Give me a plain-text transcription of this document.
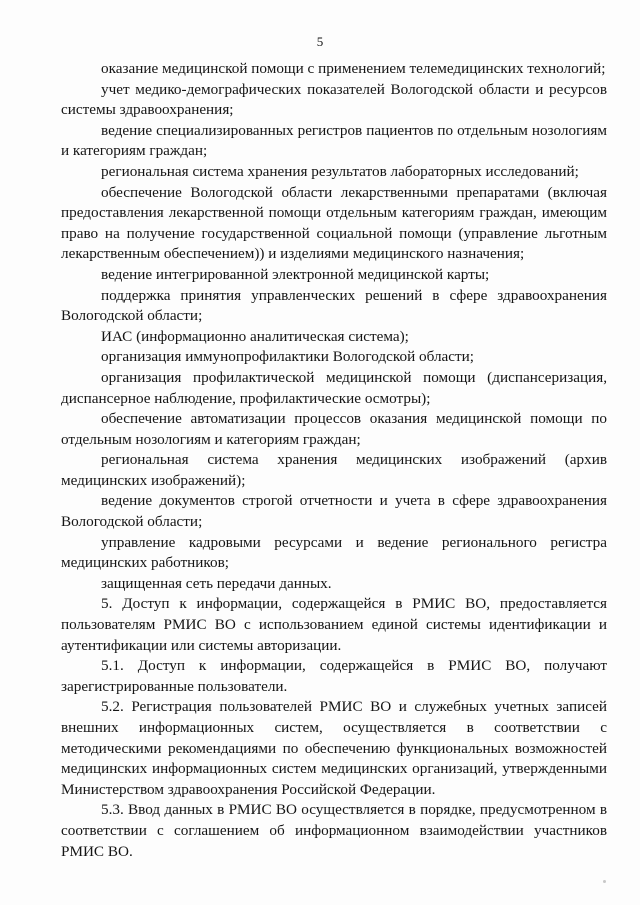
5

оказание медицинской помощи с применением телемедицинских технологий;

учет медико-демографических показателей Вологодской области и ресурсов системы здравоохранения;

ведение специализированных регистров пациентов по отдельным нозологиям и категориям граждан;

региональная система хранения результатов лабораторных исследований;

обеспечение Вологодской области лекарственными препаратами (включая предоставления лекарственной помощи отдельным категориям граждан, имеющим право на получение государственной социальной помощи (управление льготным лекарственным обеспечением)) и изделиями медицинского назначения;

ведение интегрированной электронной медицинской карты;

поддержка принятия управленческих решений в сфере здравоохранения Вологодской области;

ИАС (информационно аналитическая система);

организация иммунопрофилактики Вологодской области;

организация профилактической медицинской помощи (диспансеризация, диспансерное наблюдение, профилактические осмотры);

обеспечение автоматизации процессов оказания медицинской помощи по отдельным нозологиям и категориям граждан;

региональная система хранения медицинских изображений (архив медицинских изображений);

ведение документов строгой отчетности и учета в сфере здравоохранения Вологодской области;

управление кадровыми ресурсами и ведение регионального регистра медицинских работников;

защищенная сеть передачи данных.

5. Доступ к информации, содержащейся в РМИС ВО, предоставляется пользователям РМИС ВО с использованием единой системы идентификации и аутентификации или системы авторизации.

5.1. Доступ к информации, содержащейся в РМИС ВО, получают зарегистрированные пользователи.

5.2. Регистрация пользователей РМИС ВО и служебных учетных записей внешних информационных систем, осуществляется в соответствии с методическими рекомендациями по обеспечению функциональных возможностей медицинских информационных систем медицинских организаций, утвержденными Министерством здравоохранения Российской Федерации.

5.3. Ввод данных в РМИС ВО осуществляется в порядке, предусмотренном в соответствии с соглашением об информационном взаимодействии участников РМИС ВО.
